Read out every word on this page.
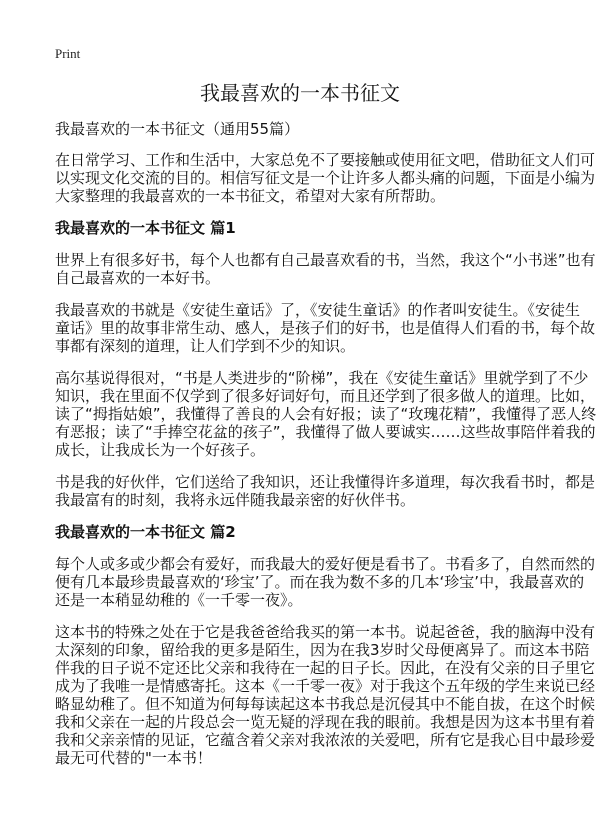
Print
我最喜欢的一本书征文
我最喜欢的一本书征文（通用55篇）
在日常学习、工作和生活中，大家总免不了要接触或使用征文吧，借助征文人们可
以实现文化交流的目的。相信写征文是一个让许多人都头痛的问题，下面是小编为
大家整理的我最喜欢的一本书征文，希望对大家有所帮助。
我最喜欢的一本书征文 篇1
世界上有很多好书，每个人也都有自己最喜欢看的书，当然，我这个“小书迷”也有
自己最喜欢的一本好书。
我最喜欢的书就是《安徒生童话》了，《安徒生童话》的作者叫安徒生。《安徒生
童话》里的故事非常生动、感人，是孩子们的好书，也是值得人们看的书，每个故
事都有深刻的道理，让人们学到不少的知识。
高尔基说得很对，“书是人类进步的“阶梯”，我在《安徒生童话》里就学到了不少
知识，我在里面不仅学到了很多好词好句，而且还学到了很多做人的道理。比如，
读了“拇指姑娘”，我懂得了善良的人会有好报；读了“玫瑰花精”，我懂得了恶人终
有恶报；读了“手捧空花盆的孩子”，我懂得了做人要诚实……这些故事陪伴着我的
成长，让我成长为一个好孩子。
书是我的好伙伴，它们送给了我知识，还让我懂得许多道理，每次我看书时，都是
我最富有的时刻，我将永远伴随我最亲密的好伙伴书。
我最喜欢的一本书征文 篇2
每个人或多或少都会有爱好，而我最大的爱好便是看书了。书看多了，自然而然的
便有几本最珍贵最喜欢的‘珍宝’了。而在我为数不多的几本‘珍宝’中，我最喜欢的
还是一本稍显幼稚的《一千零一夜》。
这本书的特殊之处在于它是我爸爸给我买的第一本书。说起爸爸，我的脑海中没有
太深刻的印象，留给我的更多是陌生，因为在我3岁时父母便离异了。而这本书陪
伴我的日子说不定还比父亲和我待在一起的日子长。因此，在没有父亲的日子里它
成为了我唯一是情感寄托。这本《一千零一夜》对于我这个五年级的学生来说已经
略显幼稚了。但不知道为何每每读起这本书我总是沉侵其中不能自拔，在这个时候
我和父亲在一起的片段总会一览无疑的浮现在我的眼前。我想是因为这本书里有着
我和父亲亲情的见证，它蕴含着父亲对我浓浓的关爱吧，所有它是我心目中最珍爱
最无可代替的"一本书！
